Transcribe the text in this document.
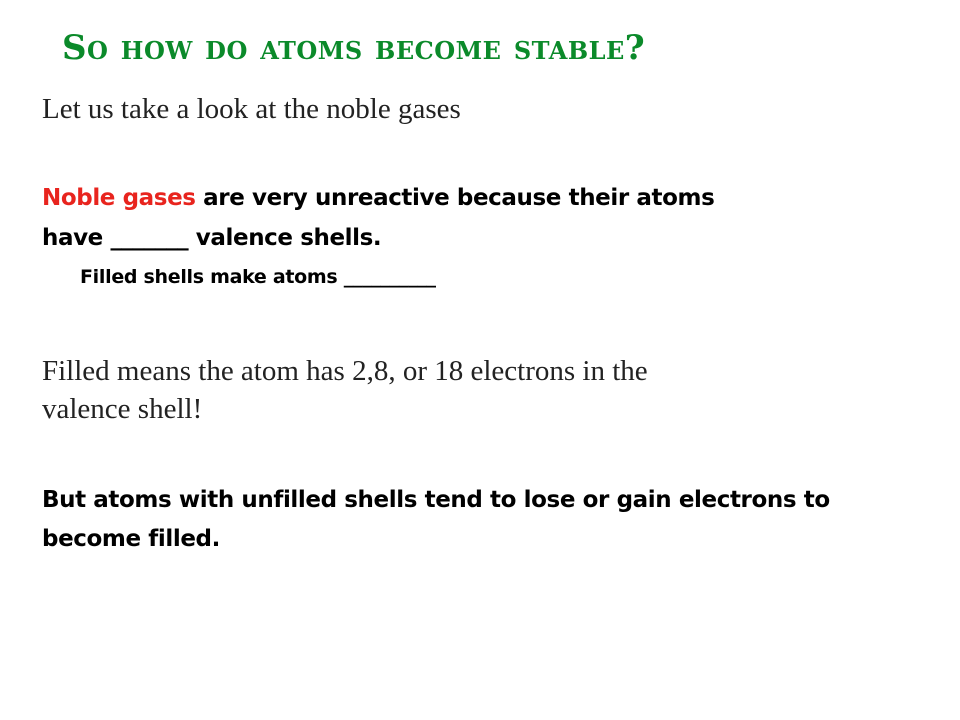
So how do atoms become stable?

Let us take a look at the noble gases

Noble gases are very unreactive because their atoms

have _______ valence shells.

Filled shells make atoms __________

Filled means the atom has 2,8, or 18 electrons in the

valence shell!

But atoms with unfilled shells tend to lose or gain electrons to

become filled.
